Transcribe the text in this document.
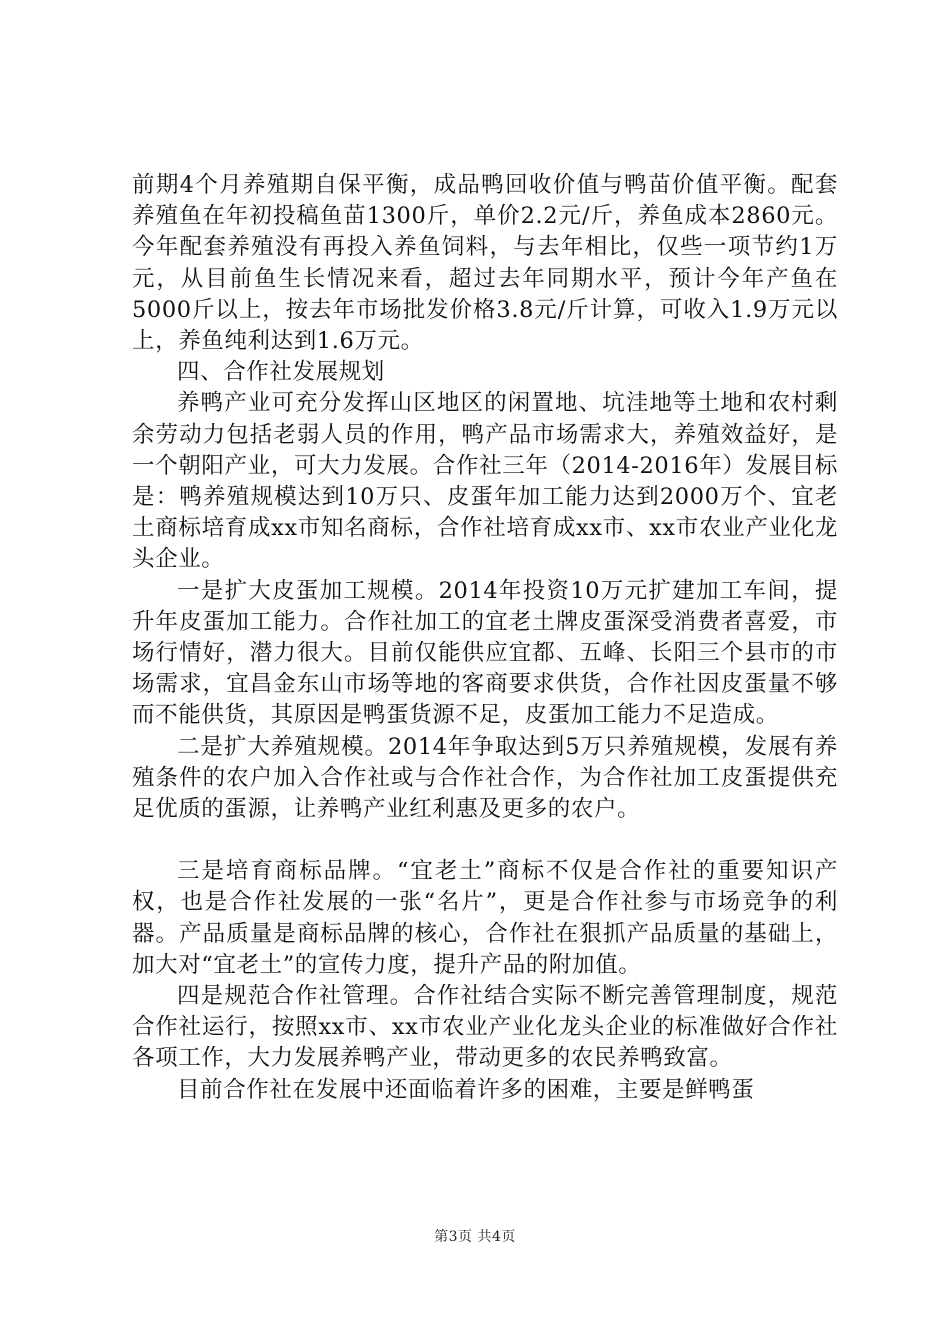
前期4个月养殖期自保平衡，成品鸭回收价值与鸭苗价值平衡。配套养殖鱼在年初投稿鱼苗1300斤，单价2.2元/斤，养鱼成本2860元。今年配套养殖没有再投入养鱼饲料，与去年相比，仅些一项节约1万元，从目前鱼生长情况来看，超过去年同期水平，预计今年产鱼在5000斤以上，按去年市场批发价格3.8元/斤计算，可收入1.9万元以上，养鱼纯利达到1.6万元。

四、合作社发展规划

养鸭产业可充分发挥山区地区的闲置地、坑洼地等土地和农村剩余劳动力包括老弱人员的作用，鸭产品市场需求大，养殖效益好，是一个朝阳产业，可大力发展。合作社三年（2014-2016年）发展目标是：鸭养殖规模达到10万只、皮蛋年加工能力达到2000万个、宜老土商标培育成xx市知名商标，合作社培育成xx市、xx市农业产业化龙头企业。

一是扩大皮蛋加工规模。2014年投资10万元扩建加工车间，提升年皮蛋加工能力。合作社加工的宜老土牌皮蛋深受消费者喜爱，市场行情好，潜力很大。目前仅能供应宜都、五峰、长阳三个县市的市场需求，宜昌金东山市场等地的客商要求供货，合作社因皮蛋量不够而不能供货，其原因是鸭蛋货源不足，皮蛋加工能力不足造成。

二是扩大养殖规模。2014年争取达到5万只养殖规模，发展有养殖条件的农户加入合作社或与合作社合作，为合作社加工皮蛋提供充足优质的蛋源，让养鸭产业红利惠及更多的农户。

三是培育商标品牌。“宜老土”商标不仅是合作社的重要知识产权，也是合作社发展的一张“名片”，更是合作社参与市场竞争的利器。产品质量是商标品牌的核心，合作社在狠抓产品质量的基础上，加大对“宜老土”的宣传力度，提升产品的附加值。

四是规范合作社管理。合作社结合实际不断完善管理制度，规范合作社运行，按照xx市、xx市农业产业化龙头企业的标准做好合作社各项工作，大力发展养鸭产业，带动更多的农民养鸭致富。

目前合作社在发展中还面临着许多的困难，主要是鲜鸭蛋

第3页 共4页
